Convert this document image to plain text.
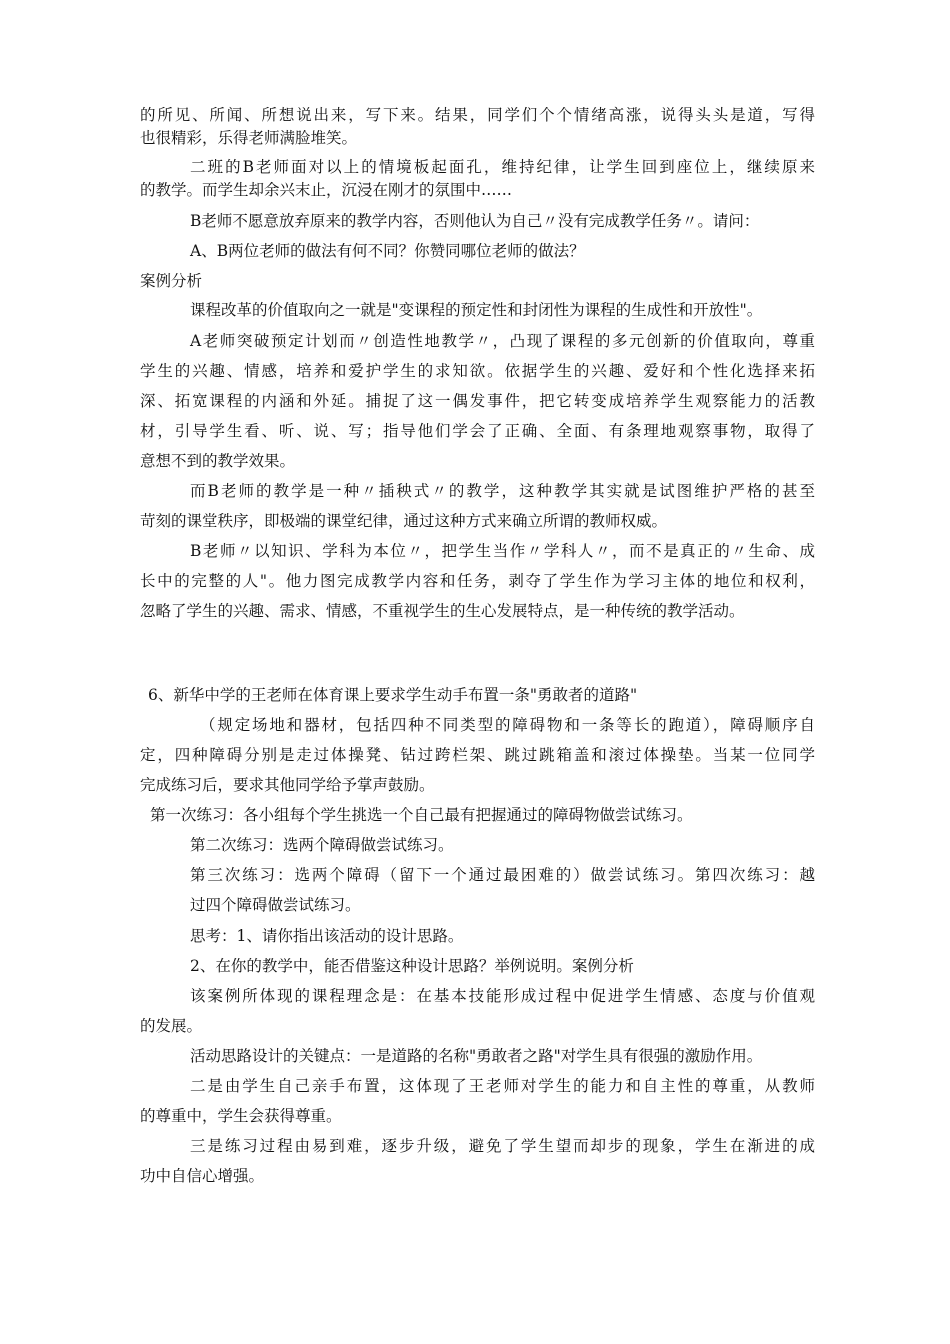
的所见、所闻、所想说出来，写下来。结果，同学们个个情绪高涨，说得头头是道，写得
也很精彩，乐得老师满脸堆笑。
二班的B老师面对以上的情境板起面孔，维持纪律，让学生回到座位上，继续原来
的教学。而学生却余兴末止，沉浸在刚才的氛围中……
B老师不愿意放弃原来的教学内容，否则他认为自己〃没有完成教学任务〃。请问：
A、B两位老师的做法有何不同？你赞同哪位老师的做法？
案例分析
课程改革的价值取向之一就是"变课程的预定性和封闭性为课程的生成性和开放性"。
A老师突破预定计划而〃创造性地教学〃，凸现了课程的多元创新的价值取向，尊重
学生的兴趣、情感，培养和爱护学生的求知欲。依据学生的兴趣、爱好和个性化选择来拓
深、拓宽课程的内涵和外延。捕捉了这一偶发事件，把它转变成培养学生观察能力的活教
材，引导学生看、听、说、写；指导他们学会了正确、全面、有条理地观察事物，取得了
意想不到的教学效果。
而B老师的教学是一种〃插秧式〃的教学，这种教学其实就是试图维护严格的甚至
苛刻的课堂秩序，即极端的课堂纪律，通过这种方式来确立所谓的教师权威。
B老师〃以知识、学科为本位〃，把学生当作〃学科人〃，而不是真正的〃生命、成
长中的完整的人"。他力图完成教学内容和任务，剥夺了学生作为学习主体的地位和权利，
忽略了学生的兴趣、需求、情感，不重视学生的生心发展特点，是一种传统的教学活动。
6、新华中学的王老师在体育课上要求学生动手布置一条"勇敢者的道路"
（规定场地和器材，包括四种不同类型的障碍物和一条等长的跑道），障碍顺序自
定，四种障碍分别是走过体操凳、钻过跨栏架、跳过跳箱盖和滚过体操垫。当某一位同学
完成练习后，要求其他同学给予掌声鼓励。
第一次练习：各小组每个学生挑选一个自己最有把握通过的障碍物做尝试练习。
第二次练习：选两个障碍做尝试练习。
第三次练习：选两个障碍（留下一个通过最困难的）做尝试练习。第四次练习：越
过四个障碍做尝试练习。
思考：1、请你指出该活动的设计思路。
2、在你的教学中，能否借鉴这种设计思路？举例说明。案例分析
该案例所体现的课程理念是：在基本技能形成过程中促进学生情感、态度与价值观
的发展。
活动思路设计的关键点：一是道路的名称"勇敢者之路"对学生具有很强的激励作用。
二是由学生自己亲手布置，这体现了王老师对学生的能力和自主性的尊重，从教师
的尊重中，学生会获得尊重。
三是练习过程由易到难，逐步升级，避免了学生望而却步的现象，学生在渐进的成
功中自信心增强。
